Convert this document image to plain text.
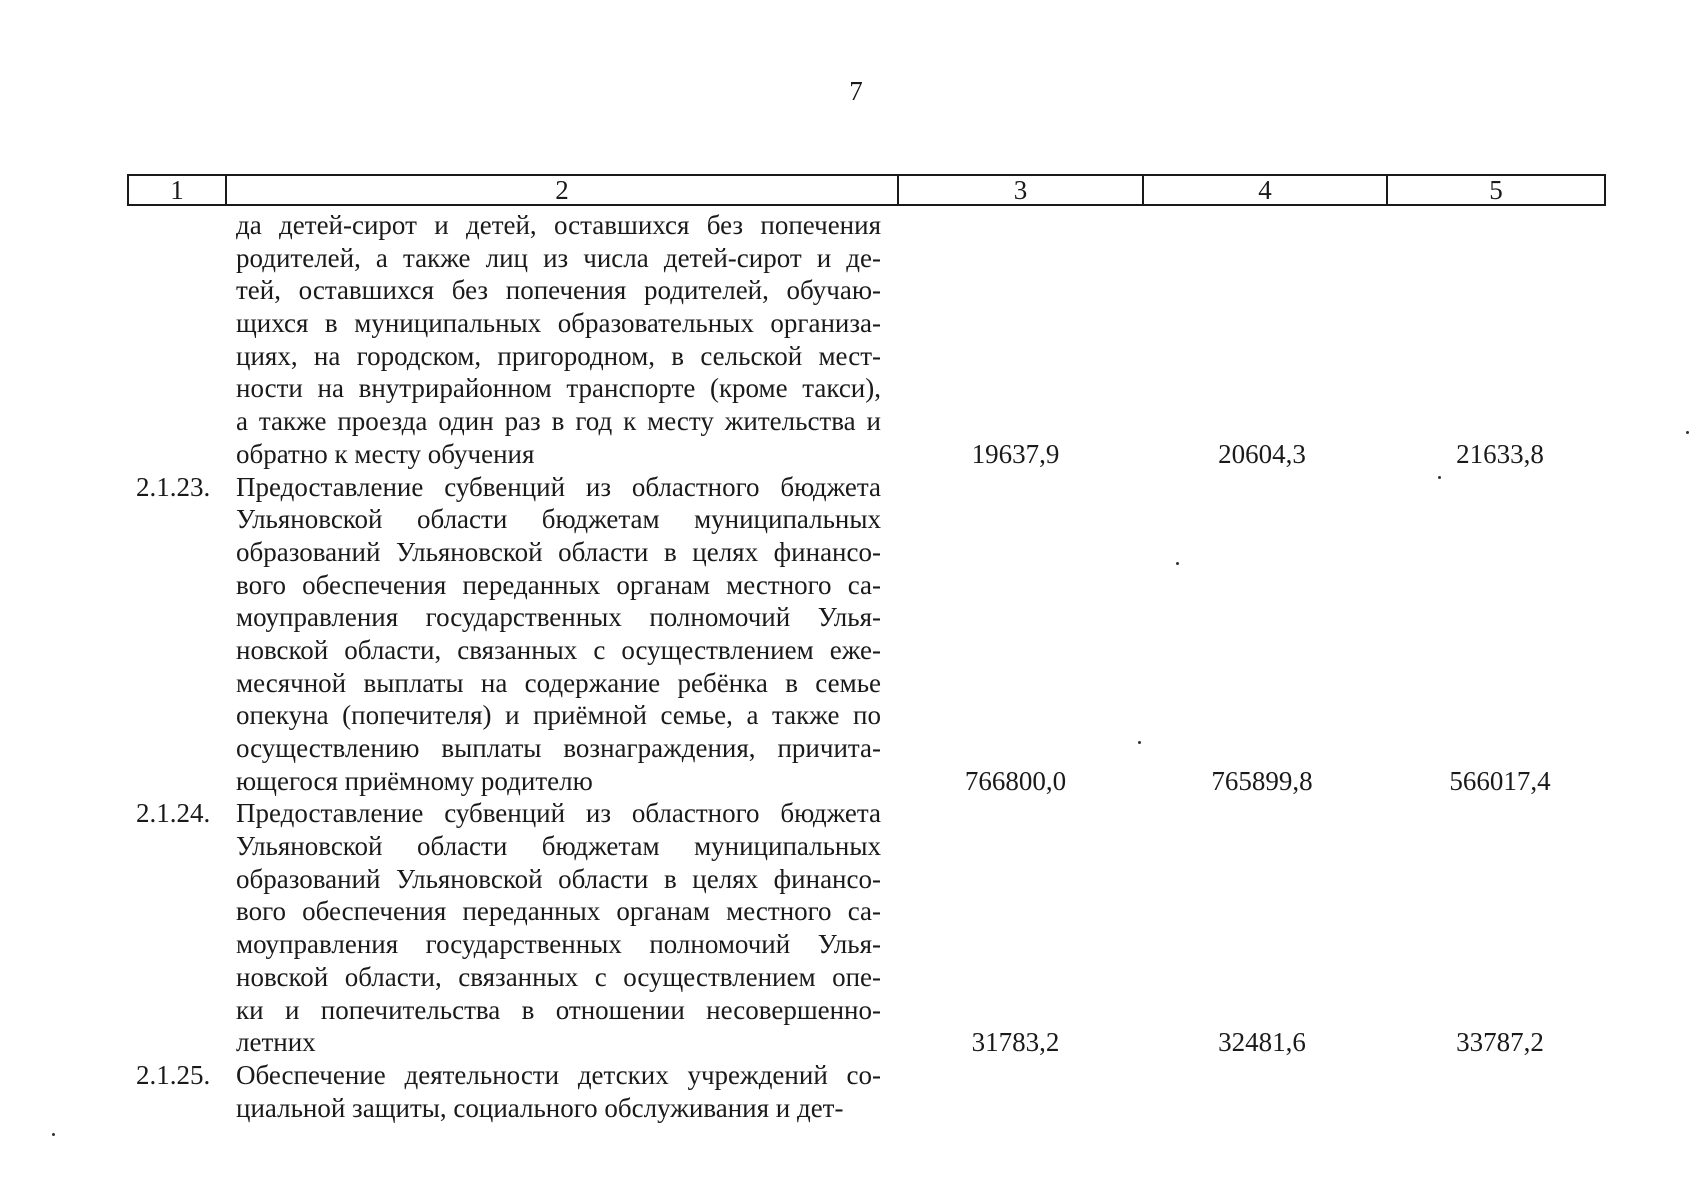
7
1	2	3	4	5
да детей-сирот и детей, оставшихся без попечения
родителей, а также лиц из числа детей-сирот и де-
тей, оставшихся без попечения родителей, обучаю-
щихся в муниципальных образовательных организа-
циях, на городском, пригородном, в сельской мест-
ности на внутрирайонном транспорте (кроме такси),
а также проезда один раз в год к месту жительства и
обратно к месту обучения	19637,9	20604,3	21633,8
2.1.23. Предоставление субвенций из областного бюджета
Ульяновской области бюджетам муниципальных
образований Ульяновской области в целях финансо-
вого обеспечения переданных органам местного са-
моуправления государственных полномочий Улья-
новской области, связанных с осуществлением еже-
месячной выплаты на содержание ребёнка в семье
опекуна (попечителя) и приёмной семье, а также по
осуществлению выплаты вознаграждения, причита-
ющегося приёмному родителю	766800,0	765899,8	566017,4
2.1.24. Предоставление субвенций из областного бюджета
Ульяновской области бюджетам муниципальных
образований Ульяновской области в целях финансо-
вого обеспечения переданных органам местного са-
моуправления государственных полномочий Улья-
новской области, связанных с осуществлением опе-
ки и попечительства в отношении несовершенно-
летних	31783,2	32481,6	33787,2
2.1.25. Обеспечение деятельности детских учреждений со-
циальной защиты, социального обслуживания и дет-
